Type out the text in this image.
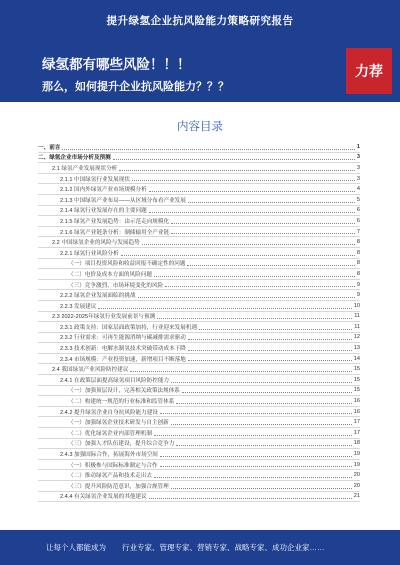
提升绿氢企业抗风险能力策略研究报告
绿氢都有哪些风险！！！
那么，如何提升企业抗风险能力？？？
力荐
内容目录
一、前言	1
二、绿氢企业市场分析及预测	3
2.1 绿氢产业发展现状分析	3
2.1.1 中国绿氢行业发展现状	3
2.1.2 国内外绿氢产业市场规模分析	4
2.1.3 中国绿氢产业布局——从区域分布看产业发展	5
2.1.4 绿氢行业发展存在的主要问题	6
2.1.5 绿氢产业发展趋势：由示范走向规模化	6
2.1.6 绿氢产业链条分析：制储输用全产业链	7
2.2 中国绿氢企业的风险与发展趋势	8
2.2.1 绿氢行业风险分析	8
（一）项目投资风险和收益回报不确定性的问题	8
（二）电价及成本方面的风险问题	8
（三）竞争激烈、市场环境变化的风险	9
2.2.2 绿氢企业发展面临的挑战	9
2.2.3 发展建议	10
2.3 2022-2025年绿氢行业发展前景与预测	11
2.3.1 政策支持：国家层面政策加持，行业迎来发展机遇	11
2.3.2 行业需求：可再生能源消纳与碳减排需求驱动	12
2.3.3 技术创新：电解水制氢技术突破带动成本下降	13
2.3.4 市场规模：产业投资加速，新增项目不断落地	14
2.4 我国绿氢产业风险防控建议	15
2.4.1 在政策层面提高绿氢项目风险防控能力	15
（一）加强顶层设计，完善相关政策法规体系	15
（二）构建统一规范的行业标准和监管体系	16
2.4.2 提升绿氢企业自身抗风险能力建设	16
（一）加强绿氢企业技术研发与自主创新	17
（二）优化绿氢企业内部管理机制	17
（三）加强人才队伍建设，提升综合竞争力	18
2.4.3 加强国际合作，拓展海外市场空间	19
（一）积极参与国际标准制定与合作	19
（二）推动绿氢产品和技术走出去	20
（三）提升风险防范意识，加强合规管理	20
2.4.4 有关绿氢企业发展的其他建议	21
让每个人都能成为 行业专家、管理专家、营销专家、战略专家、成功企业家……
